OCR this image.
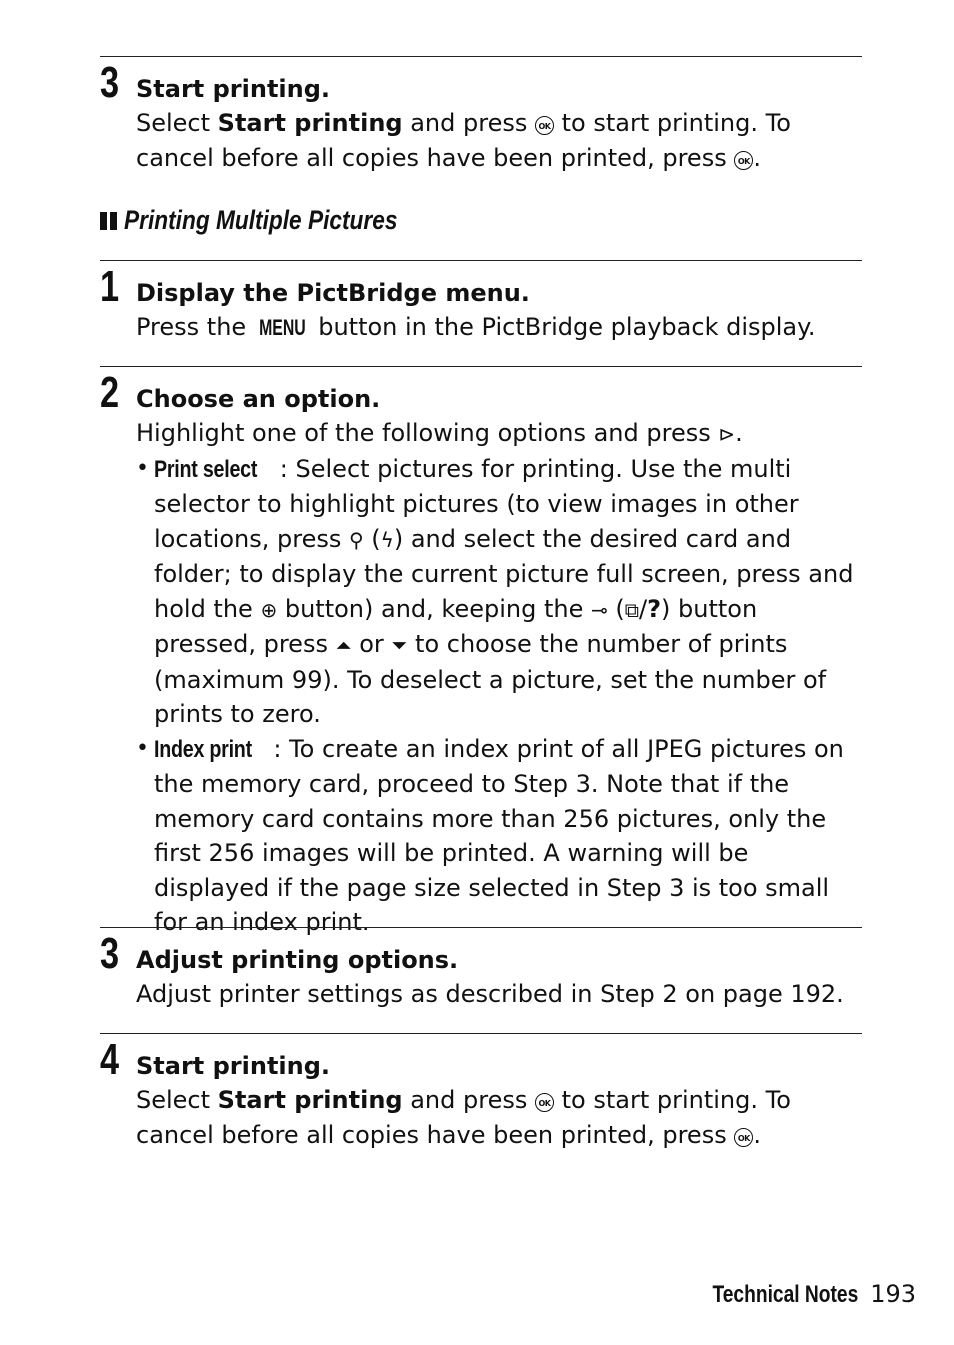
3 Start printing.

Select Start printing and press OK to start printing. To cancel before all copies have been printed, press OK .

Printing Multiple Pictures
1 Display the PictBridge menu.

Press the MENU button in the PictBridge playback display.

2 Choose an option.

Highlight one of the following options and press ⊳.

• Print select : Select pictures for printing. Use the multi selector to highlight pictures (to view images in other locations, press ⚲ (ϟ) and select the desired card and folder; to display the current picture full screen, press and hold the ⊕ button) and, keeping the ⊸ (⧉/?) button pressed, press ⏶ or ⏷ to choose the number of prints (maximum 99). To deselect a picture, set the number of prints to zero.
• Index print : To create an index print of all JPEG pictures on the memory card, proceed to Step 3. Note that if the memory card contains more than 256 pictures, only the first 256 images will be printed. A warning will be displayed if the page size selected in Step 3 is too small for an index print.
3 Adjust printing options.

Adjust printer settings as described in Step 2 on page 192.

4 Start printing.

Select Start printing and press OK to start printing. To cancel before all copies have been printed, press OK .

Technical Notes 193
